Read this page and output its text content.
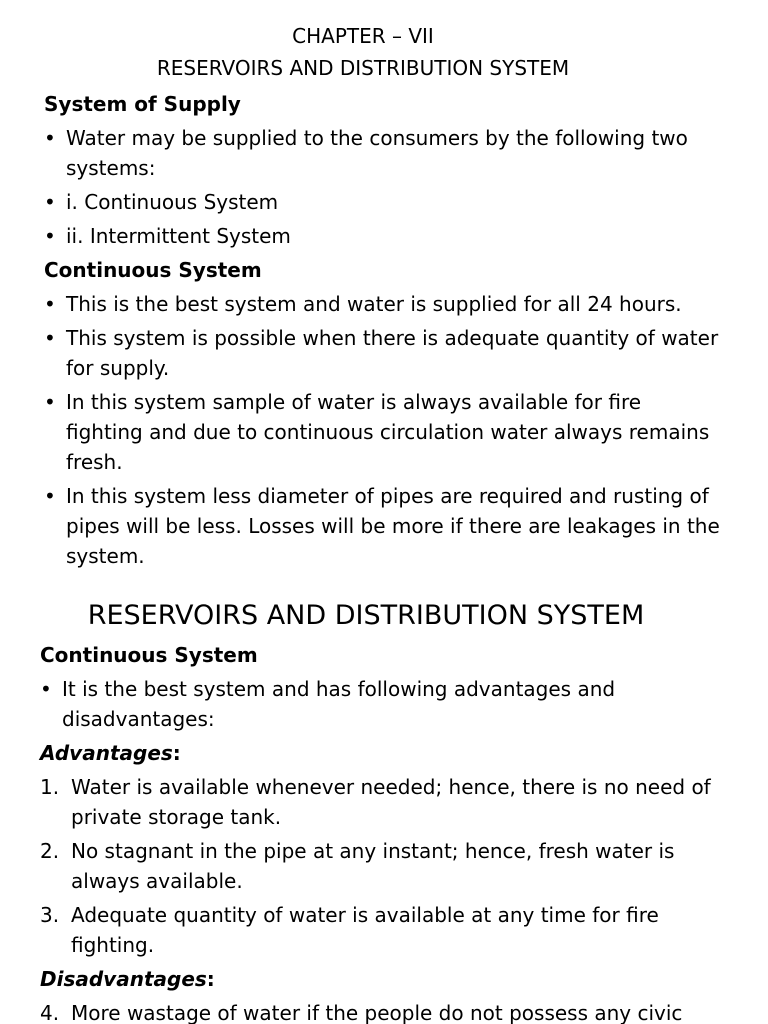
CHAPTER – VII
RESERVOIRS AND DISTRIBUTION SYSTEM
System of Supply
• Water may be supplied to the consumers by the following two systems:
• i. Continuous System
• ii. Intermittent System
Continuous System
• This is the best system and water is supplied for all 24 hours.
• This system is possible when there is adequate quantity of water for supply.
• In this system sample of water is always available for fire fighting and due to continuous circulation water always remains fresh.
• In this system less diameter of pipes are required and rusting of pipes will be less. Losses will be more if there are leakages in the system.
RESERVOIRS AND DISTRIBUTION SYSTEM
Continuous System
• It is the best system and has following advantages and disadvantages:
Advantages:
1. Water is available whenever needed; hence, there is no need of private storage tank.
2. No stagnant in the pipe at any instant; hence, fresh water is always available.
3. Adequate quantity of water is available at any time for fire fighting.
Disadvantages:
4. More wastage of water if the people do not possess any civic
